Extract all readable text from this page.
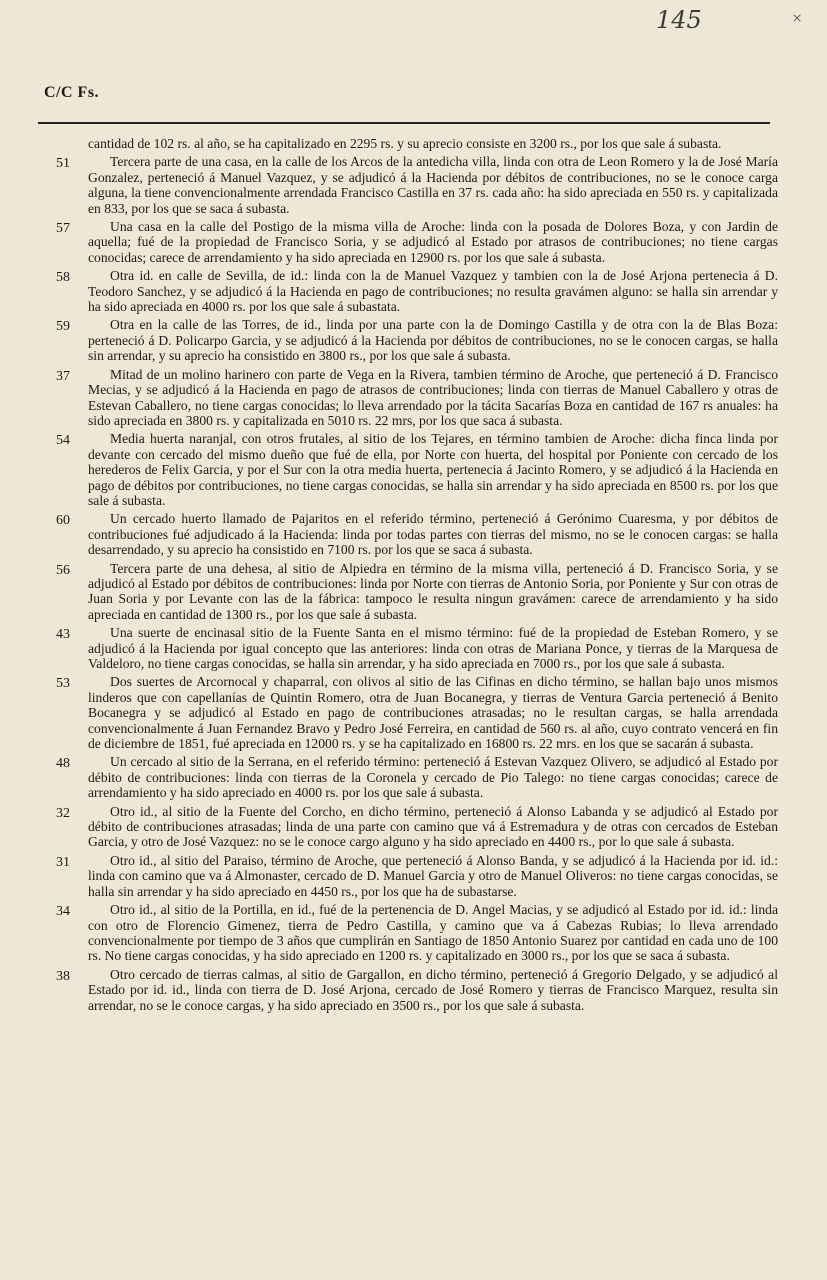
145	×
C/C Fs.
cantidad de 102 rs. al año, se ha capitalizado en 2295 rs. y su aprecio consiste en 3200 rs., por los que sale á subasta.
51	Tercera parte de una casa, en la calle de los Arcos de la antedicha villa, linda con otra de Leon Romero y la de José María Gonzalez, perteneció á Manuel Vazquez, y se adjudicó á la Hacienda por débitos de contribuciones, no se le conoce carga alguna, la tiene convencionalmente arrendada Francisco Castilla en 37 rs. cada año: ha sido apreciada en 550 rs. y capitalizada en 833, por los que se saca á subasta.
57	Una casa en la calle del Postigo de la misma villa de Aroche: linda con la posada de Dolores Boza, y con Jardin de aquella; fué de la propiedad de Francisco Soria, y se adjudicó al Estado por atrasos de contribuciones; no tiene cargas conocidas; carece de arrendamiento y ha sido apreciada en 12900 rs. por los que sale á subasta.
58	Otra id. en calle de Sevilla, de id.: linda con la de Manuel Vazquez y tambien con la de José Arjona pertenecia á D. Teodoro Sanchez, y se adjudicó á la Hacienda en pago de contribuciones; no resulta gravámen alguno: se halla sin arrendar y ha sido apreciada en 4000 rs. por los que sale á subastata.
59	Otra en la calle de las Torres, de id., linda por una parte con la de Domingo Castilla y de otra con la de Blas Boza: perteneció á D. Policarpo Garcia, y se adjudicó á la Hacienda por débitos de contribuciones, no se le conocen cargas, se halla sin arrendar, y su aprecio ha consistido en 3800 rs., por los que sale á subasta.
37	Mitad de un molino harinero con parte de Vega en la Rivera, tambien término de Aroche, que perteneció á D. Francisco Mecias, y se adjudicó á la Hacienda en pago de atrasos de contribuciones; linda con tierras de Manuel Caballero y otras de Estevan Caballero, no tiene cargas conocidas; lo lleva arrendado por la tácita Sacarías Boza en cantidad de 167 rs anuales: ha sido apreciada en 3800 rs. y capitalizada en 5010 rs. 22 mrs, por los que saca á subasta.
54	Media huerta naranjal, con otros frutales, al sitio de los Tejares, en término tambien de Aroche: dicha finca linda por devante con cercado del mismo dueño que fué de ella, por Norte con huerta, del hospital por Poniente con cercado de los herederos de Felix Garcia, y por el Sur con la otra media huerta, pertenecia á Jacinto Romero, y se adjudicó á la Hacienda en pago de débitos por contribuciones, no tiene cargas conocidas, se halla sin arrendar y ha sido apreciada en 8500 rs. por los que sale á subasta.
60	Un cercado huerto llamado de Pajaritos en el referido término, perteneció á Gerónimo Cuaresma, y por débitos de contribuciones fué adjudicado á la Hacienda: linda por todas partes con tierras del mismo, no se le conocen cargas: se halla desarrendado, y su aprecio ha consistido en 7100 rs. por los que se saca á subasta.
56	Tercera parte de una dehesa, al sitio de Alpiedra en término de la misma villa, perteneció á D. Francisco Soria, y se adjudicó al Estado por débitos de contribuciones: linda por Norte con tierras de Antonio Soria, por Poniente y Sur con otras de Juan Soria y por Levante con las de la fábrica: tampoco le resulta ningun gravámen: carece de arrendamiento y ha sido apreciada en cantidad de 1300 rs., por los que sale á subasta.
43	Una suerte de encinasal sitio de la Fuente Santa en el mismo término: fué de la propiedad de Esteban Romero, y se adjudicó á la Hacienda por igual concepto que las anteriores: linda con otras de Mariana Ponce, y tierras de la Marquesa de Valdeloro, no tiene cargas conocidas, se halla sin arrendar, y ha sido apreciada en 7000 rs., por los que sale á subasta.
53	Dos suertes de Arcornocal y chaparral, con olivos al sitio de las Cifinas en dicho término, se hallan bajo unos mismos linderos que con capellanías de Quintin Romero, otra de Juan Bocanegra, y tierras de Ventura Garcia perteneció á Benito Bocanegra y se adjudicó al Estado en pago de contribuciones atrasadas; no le resultan cargas, se halla arrendada convencionalmente á Juan Fernandez Bravo y Pedro José Ferreira, en cantidad de 560 rs. al año, cuyo contrato vencerá en fin de diciembre de 1851, fué apreciada en 12000 rs. y se ha capitalizado en 16800 rs. 22 mrs. en los que se sacarán á subasta.
48	Un cercado al sitio de la Serrana, en el referido término: perteneció á Estevan Vazquez Olivero, se adjudicó al Estado por débito de contribuciones: linda con tierras de la Coronela y cercado de Pio Talego: no tiene cargas conocidas; carece de arrendamiento y ha sido apreciado en 4000 rs. por los que sale á subasta.
32	Otro id., al sitio de la Fuente del Corcho, en dicho término, perteneció á Alonso Labanda y se adjudicó al Estado por débito de contribuciones atrasadas; linda de una parte con camino que vá á Estremadura y de otras con cercados de Esteban Garcia, y otro de José Vazquez: no se le conoce cargo alguno y ha sido apreciado en 4400 rs., por lo que sale á subasta.
31	Otro id., al sitio del Paraiso, término de Aroche, que perteneció á Alonso Banda, y se adjudicó á la Hacienda por id. id.: linda con camino que va á Almonaster, cercado de D. Manuel Garcia y otro de Manuel Oliveros: no tiene cargas conocidas, se halla sin arrendar y ha sido apreciado en 4450 rs., por los que ha de subastarse.
34	Otro id., al sitio de la Portilla, en id., fué de la pertenencia de D. Angel Macias, y se adjudicó al Estado por id. id.: linda con otro de Florencio Gimenez, tierra de Pedro Castilla, y camino que va á Cabezas Rubias; lo lleva arrendado convencionalmente por tiempo de 3 años que cumplirán en Santiago de 1850 Antonio Suarez por cantidad en cada uno de 100 rs. No tiene cargas conocidas, y ha sido apreciado en 1200 rs. y capitalizado en 3000 rs., por los que se saca á subasta.
38	Otro cercado de tierras calmas, al sitio de Gargallon, en dicho término, perteneció á Gregorio Delgado, y se adjudicó al Estado por id. id., linda con tierra de D. José Arjona, cercado de José Romero y tierras de Francisco Marquez, resulta sin arrendar, no se le conoce cargas, y ha sido apreciado en 3500 rs., por los que sale á subasta.
